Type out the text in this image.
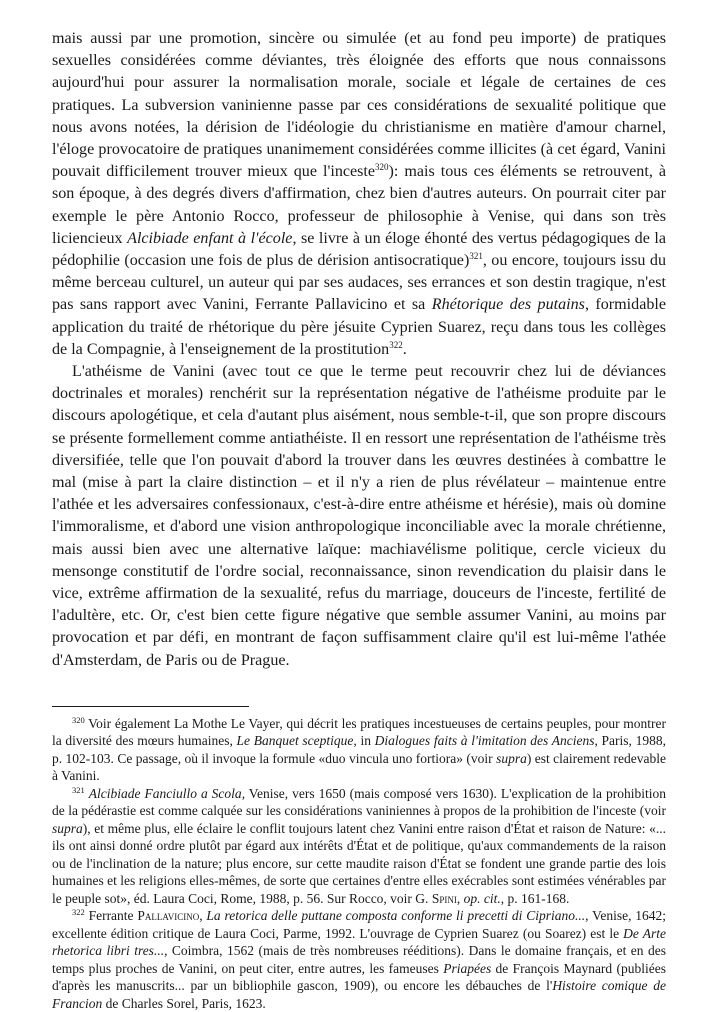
mais aussi par une promotion, sincère ou simulée (et au fond peu importe) de pratiques sexuelles considérées comme déviantes, très éloignée des efforts que nous connaissons aujourd'hui pour assurer la normalisation morale, sociale et légale de certaines de ces pratiques. La subversion vaninienne passe par ces considérations de sexualité politique que nous avons notées, la dérision de l'idéologie du christianisme en matière d'amour charnel, l'éloge provocatoire de pratiques unanimement considérées comme illicites (à cet égard, Vanini pouvait difficilement trouver mieux que l'inceste$^{320}$): mais tous ces éléments se retrouvent, à son époque, à des degrés divers d'affirmation, chez bien d'autres auteurs. On pourrait citer par exemple le père Antonio Rocco, professeur de philosophie à Venise, qui dans son très liciencieux Alcibiade enfant à l'école, se livre à un éloge éhonté des vertus pédagogiques de la pédophilie (occasion une fois de plus de dérision antisocratique)$^{321}$, ou encore, toujours issu du même berceau culturel, un auteur qui par ses audaces, ses errances et son destin tragique, n'est pas sans rapport avec Vanini, Ferrante Pallavicino et sa Rhétorique des putains, formidable application du traité de rhétorique du père jésuite Cyprien Suarez, reçu dans tous les collèges de la Compagnie, à l'enseignement de la prostitution$^{322}$.

L'athéisme de Vanini (avec tout ce que le terme peut recouvrir chez lui de déviances doctrinales et morales) renchérit sur la représentation négative de l'athéisme produite par le discours apologétique, et cela d'autant plus aisément, nous semble-t-il, que son propre discours se présente formellement comme antiathéiste. Il en ressort une représentation de l'athéisme très diversifiée, telle que l'on pouvait d'abord la trouver dans les œuvres destinées à combattre le mal (mise à part la claire distinction – et il n'y a rien de plus révélateur – maintenue entre l'athée et les adversaires confessionaux, c'est-à-dire entre athéisme et hérésie), mais où domine l'immoralisme, et d'abord une vision anthropologique inconciliable avec la morale chrétienne, mais aussi bien avec une alternative laïque: machiavélisme politique, cercle vicieux du mensonge constitutif de l'ordre social, reconnaissance, sinon revendication du plaisir dans le vice, extrême affirmation de la sexualité, refus du marriage, douceurs de l'inceste, fertilité de l'adultère, etc. Or, c'est bien cette figure négative que semble assumer Vanini, au moins par provocation et par défi, en montrant de façon suffisamment claire qu'il est lui-même l'athée d'Amsterdam, de Paris ou de Prague.

$^{320}$ Voir également La Mothe Le Vayer, qui décrit les pratiques incestueuses de certains peuples, pour montrer la diversité des mœurs humaines, Le Banquet sceptique, in Dialogues faits à l'imitation des Anciens, Paris, 1988, p. 102-103. Ce passage, où il invoque la formule «duo vincula uno fortiora» (voir supra) est clairement redevable à Vanini.

$^{321}$ Alcibiade Fanciullo a Scola, Venise, vers 1650 (mais composé vers 1630). L'explication de la prohibition de la pédérastie est comme calquée sur les considérations vaniniennes à propos de la prohibition de l'inceste (voir supra), et même plus, elle éclaire le conflit toujours latent chez Vanini entre raison d'État et raison de Nature: «... ils ont ainsi donné ordre plutôt par égard aux intérêts d'État et de politique, qu'aux commandements de la raison ou de l'inclination de la nature; plus encore, sur cette maudite raison d'État se fondent une grande partie des lois humaines et les religions elles-mêmes, de sorte que certaines d'entre elles exécrables sont estimées vénérables par le peuple sot», éd. Laura Coci, Rome, 1988, p. 56. Sur Rocco, voir G. Spini, op. cit., p. 161-168.

$^{322}$ Ferrante Pallavicino, La retorica delle puttane composta conforme li precetti di Cipriano..., Venise, 1642; excellente édition critique de Laura Coci, Parme, 1992. L'ouvrage de Cyprien Suarez (ou Soarez) est le De Arte rhetorica libri tres..., Coimbra, 1562 (mais de très nombreuses rééditions). Dans le domaine français, et en des temps plus proches de Vanini, on peut citer, entre autres, les fameuses Priapées de François Maynard (publiées d'après les manuscrits... par un bibliophile gascon, 1909), ou encore les débauches de l'Histoire comique de Francion de Charles Sorel, Paris, 1623.
